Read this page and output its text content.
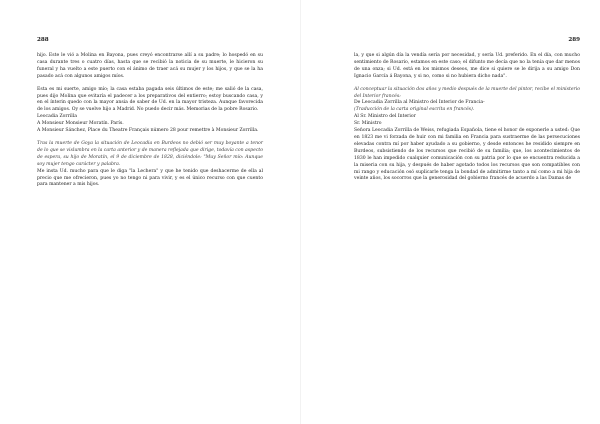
288

hijo. Este le vió a Molina en Bayona, pues creyó encontrarse allí a su padre; lo hospedó en su casa durante tres o cuatro días, hasta que se recibió la noticia de su muerte, le hicieron su funeral y ha vuelto a este puerto con el ánimo de traer acá su mujer y los hijos, y que se la ha pasado acá con algunos amigos míos.

Esta es mi suerte, amigo mío; la casa estaba pagada seis últimos de este; me salió de la casa, pues dijo Molina que evitaría el padecer a los preparativos del entierro; estoy buscando casa, y en el ínterin quedo con la mayor ansia de saber de Ud. en la mayor tristeza. Aunque favorecida de los amigos. Oy se vuelve hijo a Madrid. No puedo decir más. Memorias de la pobre Rosario.

Leocadia Zorrilla

A Monsieur Monsieur Moratín. París.

A Monsieur Sánchez, Place du Theatre Français número 28 pour remettre à Monsieur Zorrilla.

Tras la muerte de Goya la situación de Leocadia en Burdeos no debió ser muy boyante a tenor de lo que se vislumbra en la carta anterior y de manera reflejada que dirige, todavía con aspecto de espera, su hijo de Moratín, el 9 de diciembre de 1828, diciéndole: "Muy Señor mío: Aunque soy mujer tengo carácter y palabra.

Me insta Ud. mucho para que le diga "la Lechera" y que he tenido que deshacerme de ella al precio que me ofrecieron, pues yo no tengo ni para vivir, y es el único recurso con que cuento para mantener a mis hijos.

289

la, y que si algún día la vendía sería por necesidad, y sería Ud. preferido. En el día, con mucho sentimiento de Rosario, estamos en este caso; el difunto me decía que no la tenía que dar menos de una onza; si Ud. está en los mismos deseos, me dice si quiere se le dirija a su amigo Don Ignacio García á Bayona, y si no, como si no hubiera dicho nada".

Al conceptuar la situación dos años y medio después de la muerte del pintor, recibe el ministerio del Interior francés:

De Leocadia Zorrilla al Ministro del Interior de Francia-

(Traducción de la carta original escrita en francés).

Al Sr. Ministro del Interior

Sr. Ministro

Señora Leocadia Zorrilla de Weiss, refugiada Española, tiene el honor de exponerle a usted: Que en 1823 me vi forzada de huir con mi familia en Francia para sustraerme de las persecuciones elevadas contra mí por haber ayudado a su gobierno, y desde entonces he residido siempre en Burdeos, subsistiendo de los recursos que recibió de su familia; que, los acontecimientos de 1830 le han impedido cualquier comunicación con su patria por lo que se encuentra reducida a la miseria con su hija, y después de haber agotado todos los recursos que son compatibles con mi rango y educación osó suplicarle tenga la bondad de admitirme tanto a mí como a mi hija de veinte años, los socorros que la generosidad del gobierno francés de acuerdo a las Damas de
